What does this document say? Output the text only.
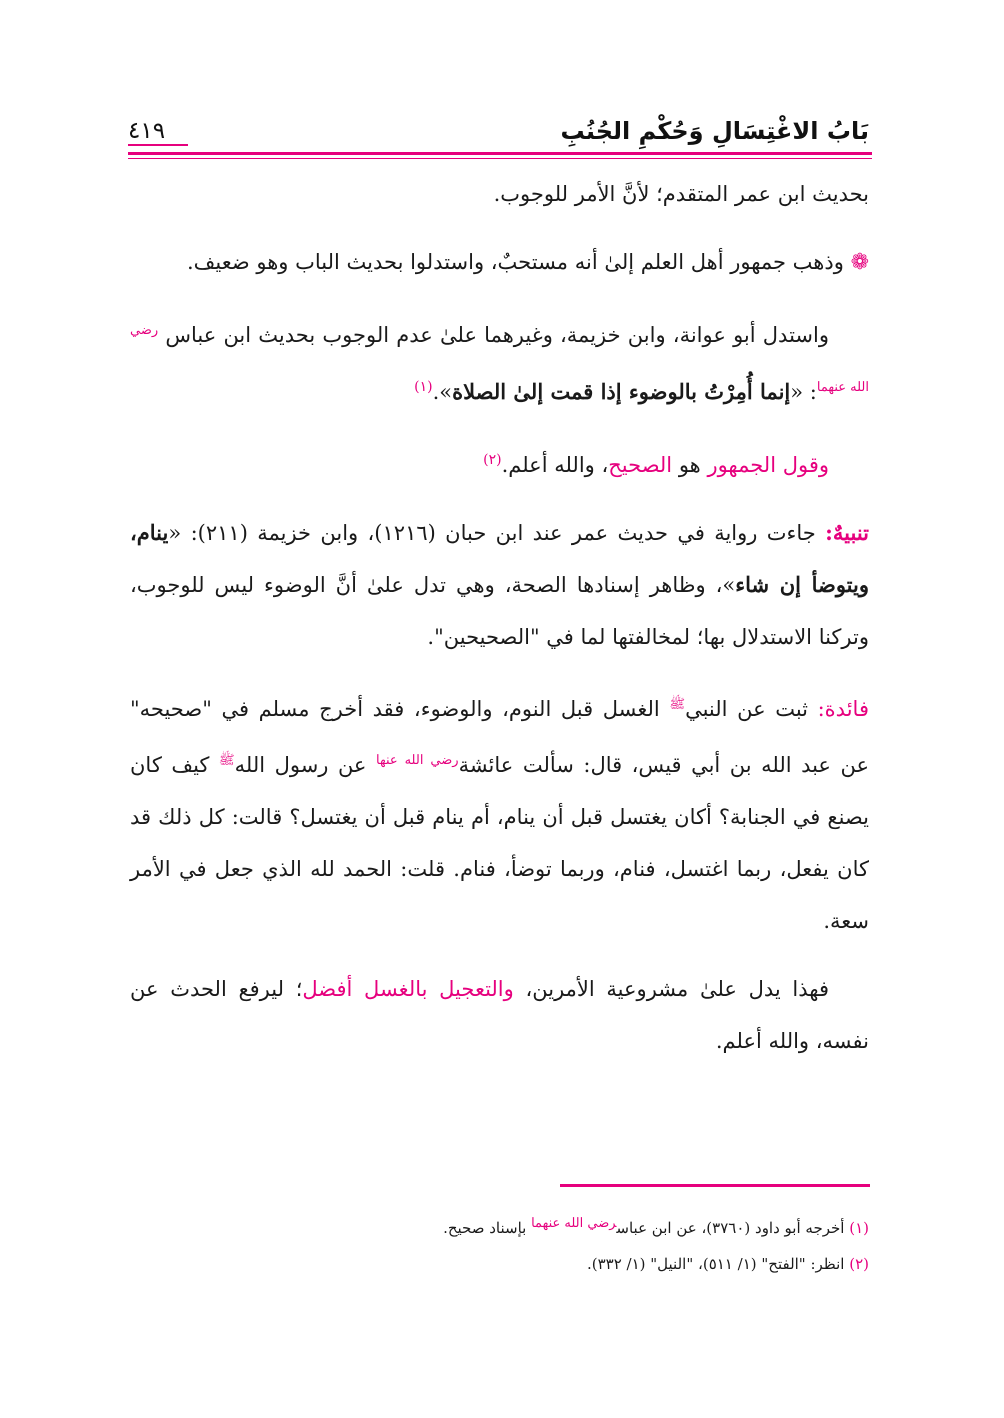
بَابُ الاغْتِسَالِ وَحُكْمِ الجُنُبِ
٤١٩

بحديث ابن عمر المتقدم؛ لأنَّ الأمر للوجوب.

❁ وذهب جمهور أهل العلم إلىٰ أنه مستحبٌ، واستدلوا بحديث الباب وهو ضعيف.

واستدل أبو عوانة، وابن خزيمة، وغيرهما علىٰ عدم الوجوب بحديث ابن عباس $^{رضي الله عنهما}$: «إنما أُمِرْتُ بالوضوء إذا قمت إلىٰ الصلاة».$^{(١)}$

وقول الجمهور هو الصحيح، والله أعلم.$^{(٢)}$

تنبيهٌ: جاءت رواية في حديث عمر عند ابن حبان (١٢١٦)، وابن خزيمة (٢١١): «ينام، ويتوضأ إن شاء»، وظاهر إسنادها الصحة، وهي تدل علىٰ أنَّ الوضوء ليس للوجوب، وتركنا الاستدلال بها؛ لمخالفتها لما في "الصحيحين".

فائدة: ثبت عن النبي$^ﷺ$ الغسل قبل النوم، والوضوء، فقد أخرج مسلم في "صحيحه" عن عبد الله بن أبي قيس، قال: سألت عائشة$^{رضي الله عنها}$ عن رسول الله$^ﷺ$ كيف كان يصنع في الجنابة؟ أكان يغتسل قبل أن ينام، أم ينام قبل أن يغتسل؟ قالت: كل ذلك قد كان يفعل، ربما اغتسل، فنام، وربما توضأ، فنام. قلت: الحمد لله الذي جعل في الأمر سعة.

فهذا يدل علىٰ مشروعية الأمرين، والتعجيل بالغسل أفضل؛ ليرفع الحدث عن نفسه، والله أعلم.

(١) أخرجه أبو داود (٣٧٦٠)، عن ابن عباسرضي الله عنهما بإسناد صحيح.

(٢) انظر: "الفتح" (١/ ٥١١)، "النيل" (١/ ٣٣٢).
